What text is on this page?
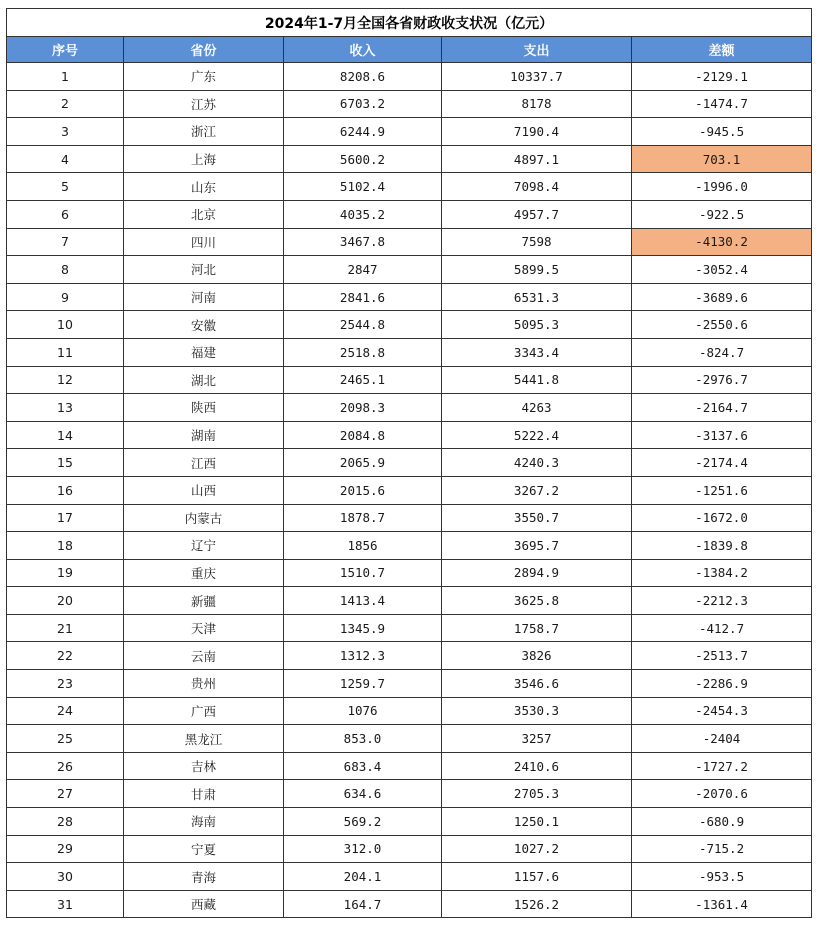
2024年1-7月全国各省财政收支状况（亿元）				
序号	省份	收入	支出	差额
1	广东	8208.6	10337.7	-2129.1
2	江苏	6703.2	8178	-1474.7
3	浙江	6244.9	7190.4	-945.5
4	上海	5600.2	4897.1	703.1
5	山东	5102.4	7098.4	-1996.0
6	北京	4035.2	4957.7	-922.5
7	四川	3467.8	7598	-4130.2
8	河北	2847	5899.5	-3052.4
9	河南	2841.6	6531.3	-3689.6
10	安徽	2544.8	5095.3	-2550.6
11	福建	2518.8	3343.4	-824.7
12	湖北	2465.1	5441.8	-2976.7
13	陕西	2098.3	4263	-2164.7
14	湖南	2084.8	5222.4	-3137.6
15	江西	2065.9	4240.3	-2174.4
16	山西	2015.6	3267.2	-1251.6
17	内蒙古	1878.7	3550.7	-1672.0
18	辽宁	1856	3695.7	-1839.8
19	重庆	1510.7	2894.9	-1384.2
20	新疆	1413.4	3625.8	-2212.3
21	天津	1345.9	1758.7	-412.7
22	云南	1312.3	3826	-2513.7
23	贵州	1259.7	3546.6	-2286.9
24	广西	1076	3530.3	-2454.3
25	黑龙江	853.0	3257	-2404
26	吉林	683.4	2410.6	-1727.2
27	甘肃	634.6	2705.3	-2070.6
28	海南	569.2	1250.1	-680.9
29	宁夏	312.0	1027.2	-715.2
30	青海	204.1	1157.6	-953.5
31	西藏	164.7	1526.2	-1361.4
